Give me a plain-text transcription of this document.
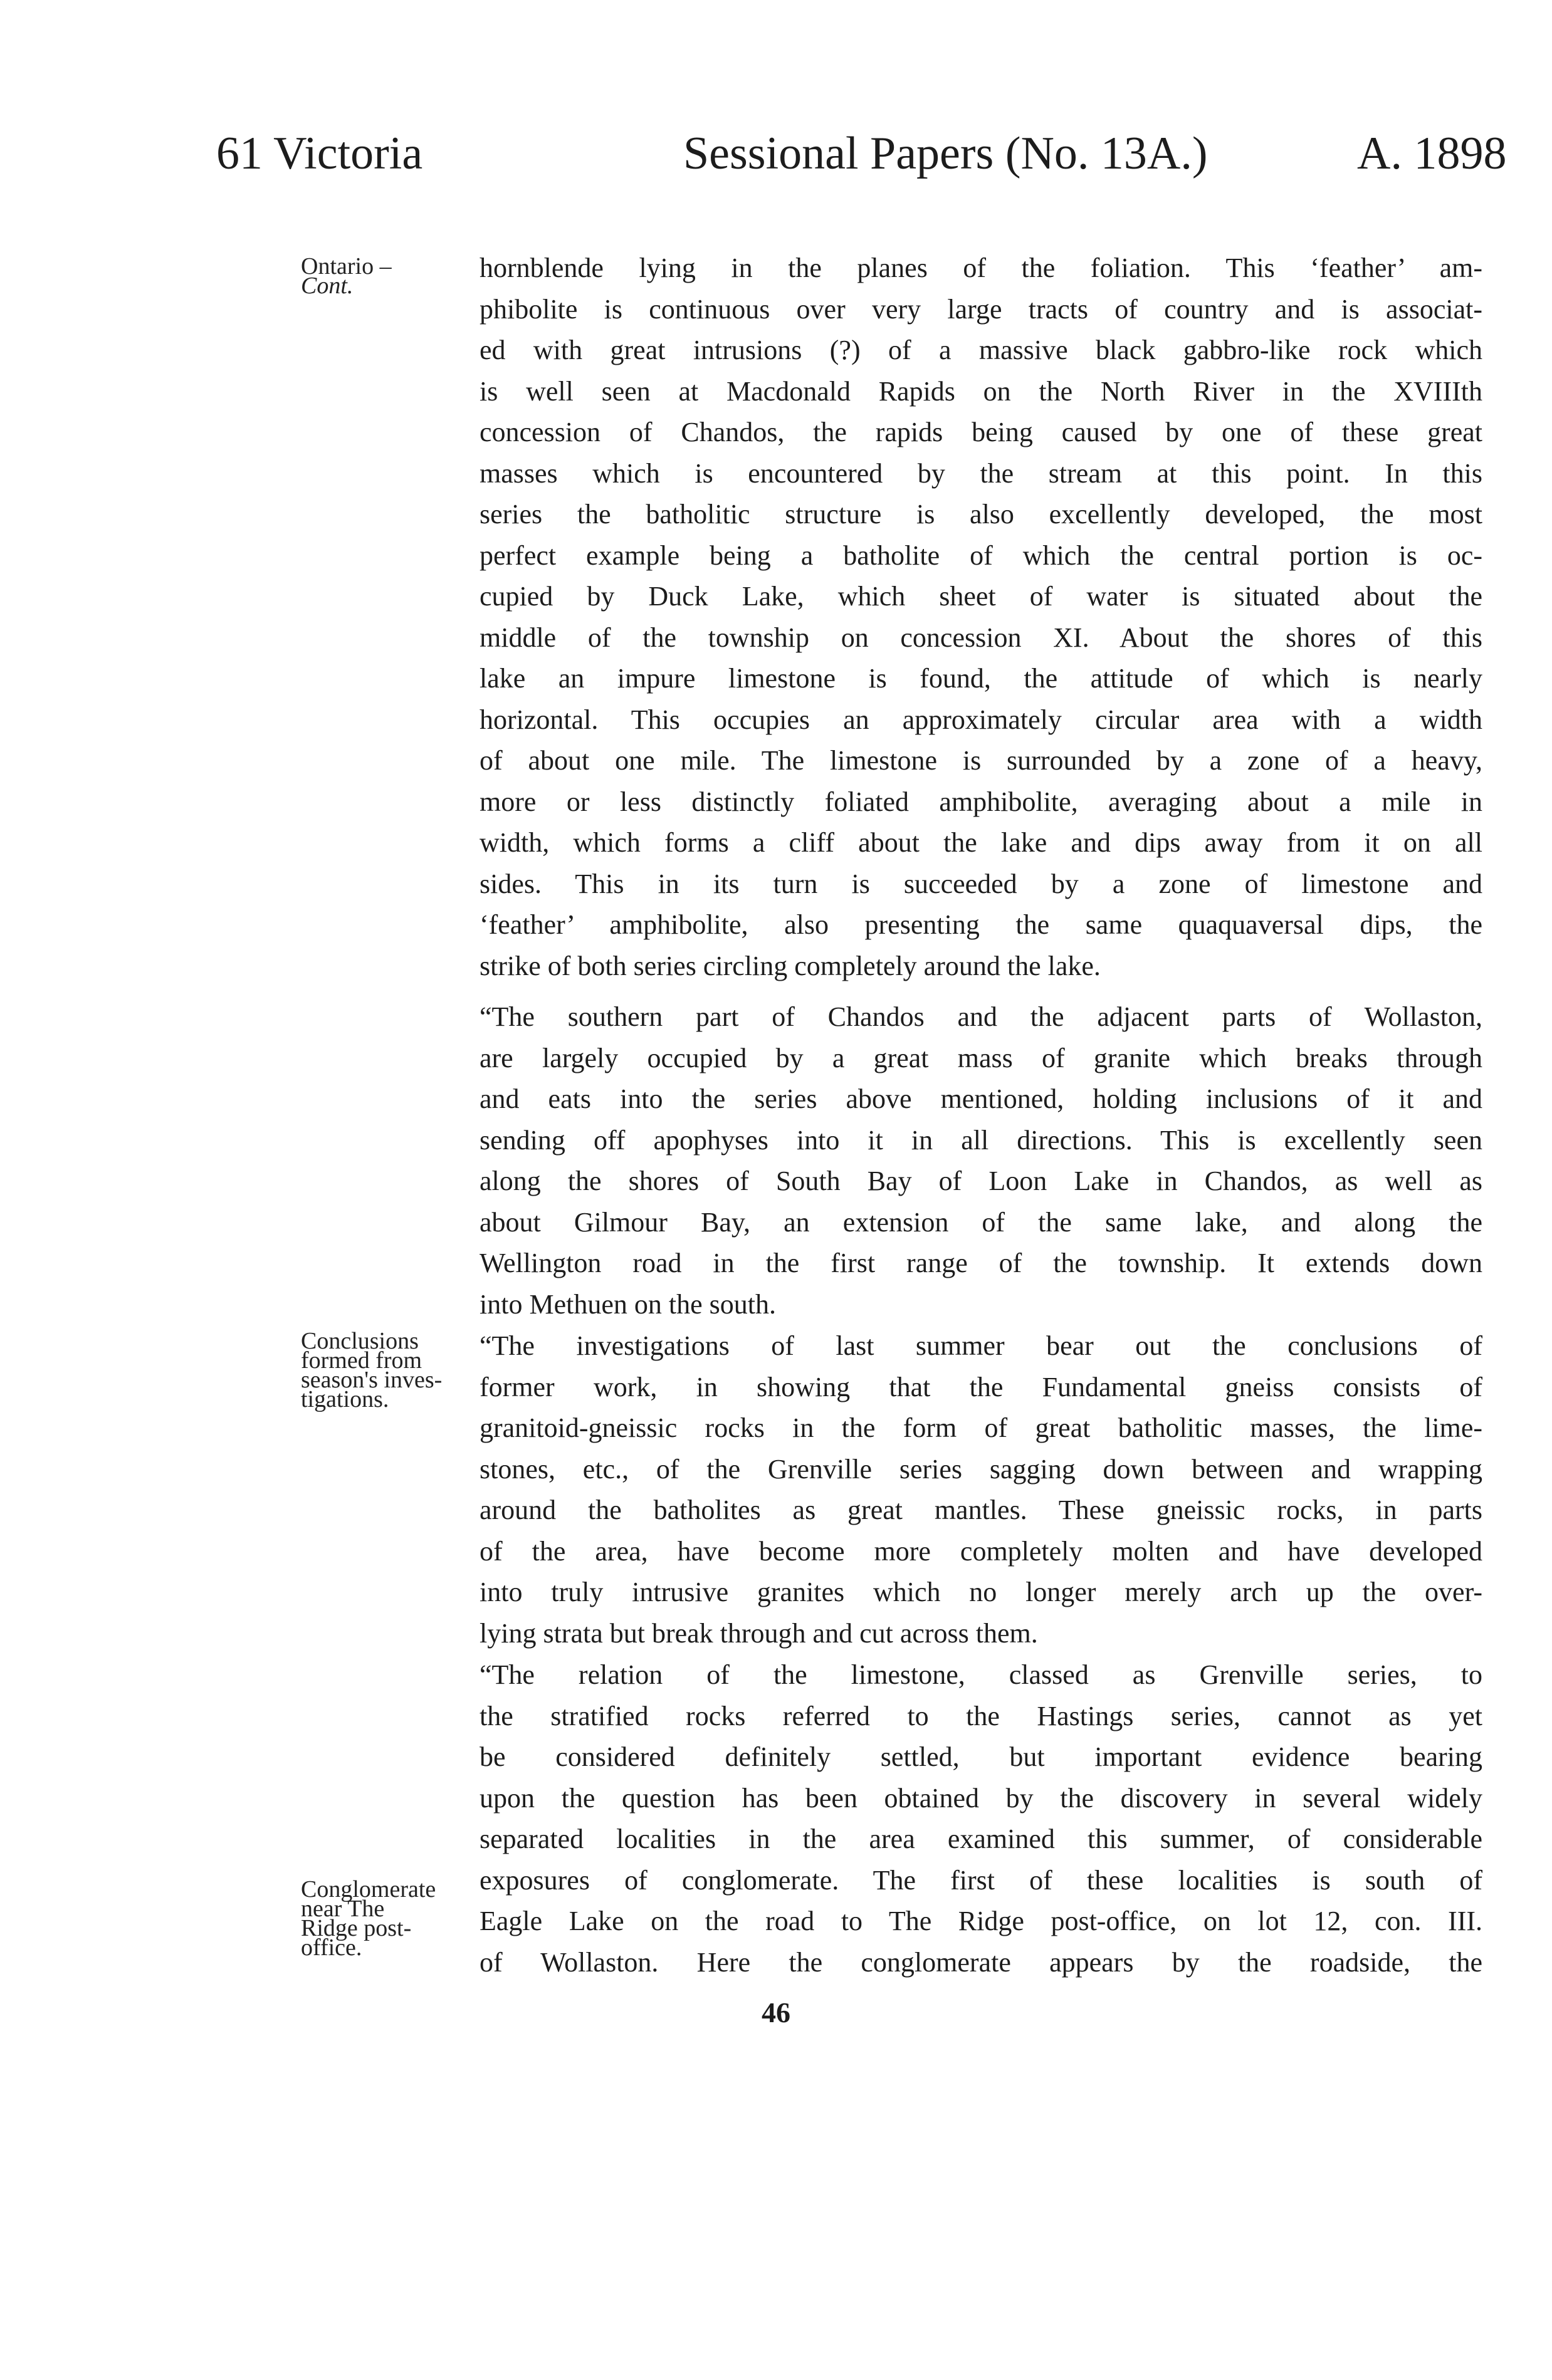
61 Victoria	Sessional Papers (No. 13A.)	A. 1898
Ontario –
Cont.
Conclusions
formed from
season's inves-
tigations.
Conglomerate
near The
Ridge post-
office.
hornblende lying in the planes of the foliation. This ‘feather’ am-
phibolite is continuous over very large tracts of country and is associat-
ed with great intrusions (?) of a massive black gabbro-like rock which
is well seen at Macdonald Rapids on the North River in the XVIIIth
concession of Chandos, the rapids being caused by one of these great
masses which is encountered by the stream at this point. In this
series the batholitic structure is also excellently developed, the most
perfect example being a batholite of which the central portion is oc-
cupied by Duck Lake, which sheet of water is situated about the
middle of the township on concession XI. About the shores of this
lake an impure limestone is found, the attitude of which is nearly
horizontal. This occupies an approximately circular area with a width
of about one mile. The limestone is surrounded by a zone of a heavy,
more or less distinctly foliated amphibolite, averaging about a mile in
width, which forms a cliff about the lake and dips away from it on all
sides. This in its turn is succeeded by a zone of limestone and
‘feather’ amphibolite, also presenting the same quaquaversal dips, the
strike of both series circling completely around the lake.
“The southern part of Chandos and the adjacent parts of Wollaston,
are largely occupied by a great mass of granite which breaks through
and eats into the series above mentioned, holding inclusions of it and
sending off apophyses into it in all directions. This is excellently seen
along the shores of South Bay of Loon Lake in Chandos, as well as
about Gilmour Bay, an extension of the same lake, and along the
Wellington road in the first range of the township. It extends down
into Methuen on the south.
“The investigations of last summer bear out the conclusions of
former work, in showing that the Fundamental gneiss consists of
granitoid-gneissic rocks in the form of great batholitic masses, the lime-
stones, etc., of the Grenville series sagging down between and wrapping
around the batholites as great mantles. These gneissic rocks, in parts
of the area, have become more completely molten and have developed
into truly intrusive granites which no longer merely arch up the over-
lying strata but break through and cut across them.
“The relation of the limestone, classed as Grenville series, to
the stratified rocks referred to the Hastings series, cannot as yet
be considered definitely settled, but important evidence bearing
upon the question has been obtained by the discovery in several widely
separated localities in the area examined this summer, of considerable
exposures of conglomerate. The first of these localities is south of
Eagle Lake on the road to The Ridge post-office, on lot 12, con. III.
of Wollaston. Here the conglomerate appears by the roadside, the
46
